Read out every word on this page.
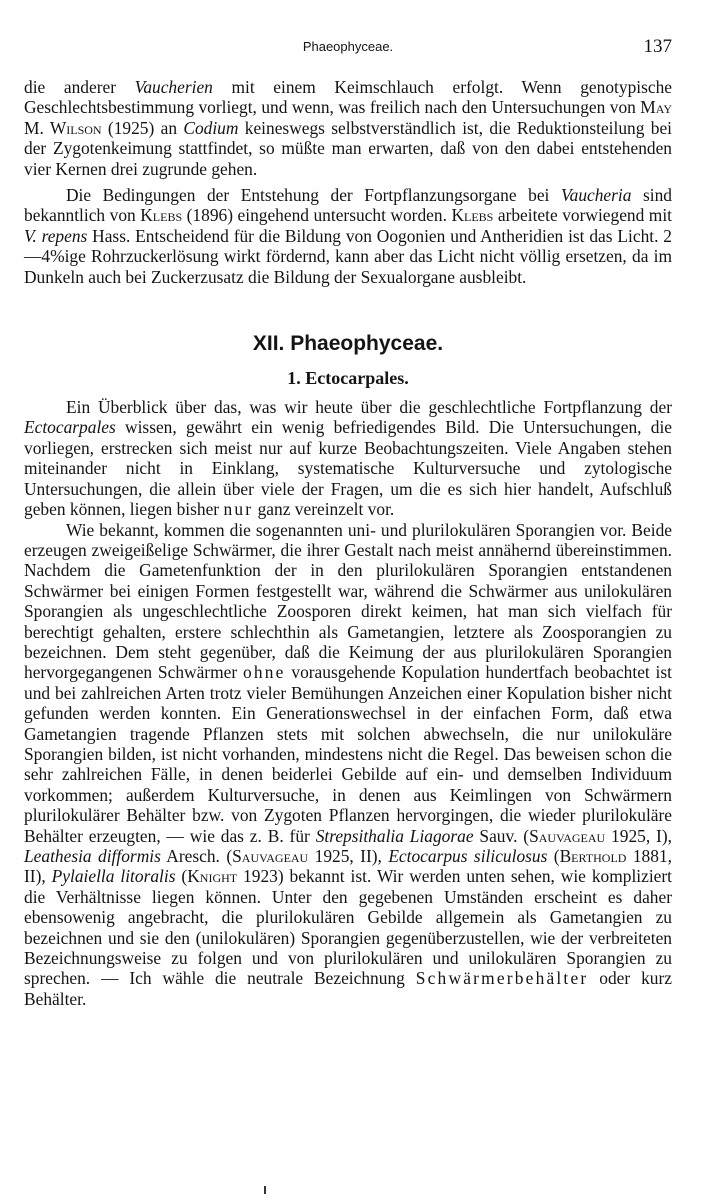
Phaeophyceae.	137

die anderer Vaucherien mit einem Keimschlauch erfolgt. Wenn genotypische Geschlechtsbestimmung vorliegt, und wenn, was freilich nach den Untersuchungen von May M. Wilson (1925) an Codium keineswegs selbstverständlich ist, die Reduktionsteilung bei der Zygotenkeimung stattfindet, so müßte man erwarten, daß von den dabei entstehenden vier Kernen drei zugrunde gehen.

Die Bedingungen der Entstehung der Fortpflanzungsorgane bei Vaucheria sind bekanntlich von Klebs (1896) eingehend untersucht worden. Klebs arbeitete vorwiegend mit V. repens Hass. Entscheidend für die Bildung von Oogonien und Antheridien ist das Licht. 2—4%ige Rohrzuckerlösung wirkt fördernd, kann aber das Licht nicht völlig ersetzen, da im Dunkeln auch bei Zuckerzusatz die Bildung der Sexualorgane ausbleibt.

XII. Phaeophyceae.
1. Ectocarpales.

Ein Überblick über das, was wir heute über die geschlechtliche Fortpflanzung der Ectocarpales wissen, gewährt ein wenig befriedigendes Bild. Die Untersuchungen, die vorliegen, erstrecken sich meist nur auf kurze Beobachtungszeiten. Viele Angaben stehen miteinander nicht in Einklang, systematische Kulturversuche und zytologische Untersuchungen, die allein über viele der Fragen, um die es sich hier handelt, Aufschluß geben können, liegen bisher nur ganz vereinzelt vor.

Wie bekannt, kommen die sogenannten uni- und plurilokulären Sporangien vor. Beide erzeugen zweigeißelige Schwärmer, die ihrer Gestalt nach meist annähernd übereinstimmen. Nachdem die Gametenfunktion der in den plurilokulären Sporangien entstandenen Schwärmer bei einigen Formen festgestellt war, während die Schwärmer aus unilokulären Sporangien als ungeschlechtliche Zoosporen direkt keimen, hat man sich vielfach für berechtigt gehalten, erstere schlechthin als Gametangien, letztere als Zoosporangien zu bezeichnen. Dem steht gegenüber, daß die Keimung der aus plurilokulären Sporangien hervorgegangenen Schwärmer ohne vorausgehende Kopulation hundertfach beobachtet ist und bei zahlreichen Arten trotz vieler Bemühungen Anzeichen einer Kopulation bisher nicht gefunden werden konnten. Ein Generationswechsel in der einfachen Form, daß etwa Gametangien tragende Pflanzen stets mit solchen abwechseln, die nur unilokuläre Sporangien bilden, ist nicht vorhanden, mindestens nicht die Regel. Das beweisen schon die sehr zahlreichen Fälle, in denen beiderlei Gebilde auf ein- und demselben Individuum vorkommen; außerdem Kulturversuche, in denen aus Keimlingen von Schwärmern plurilokulärer Behälter bzw. von Zygoten Pflanzen hervorgingen, die wieder plurilokuläre Behälter erzeugten, — wie das z. B. für Strepsithalia Liagorae Sauv. (Sauvageau 1925, I), Leathesia difformis Aresch. (Sauvageau 1925, II), Ectocarpus siliculosus (Berthold 1881, II), Pylaiella litoralis (Knight 1923) bekannt ist. Wir werden unten sehen, wie kompliziert die Verhältnisse liegen können. Unter den gegebenen Umständen erscheint es daher ebensowenig angebracht, die plurilokulären Gebilde allgemein als Gametangien zu bezeichnen und sie den (unilokulären) Sporangien gegenüberzustellen, wie der verbreiteten Bezeichnungsweise zu folgen und von plurilokulären und unilokulären Sporangien zu sprechen. — Ich wähle die neutrale Bezeichnung Schwärmerbehälter oder kurz Behälter.
